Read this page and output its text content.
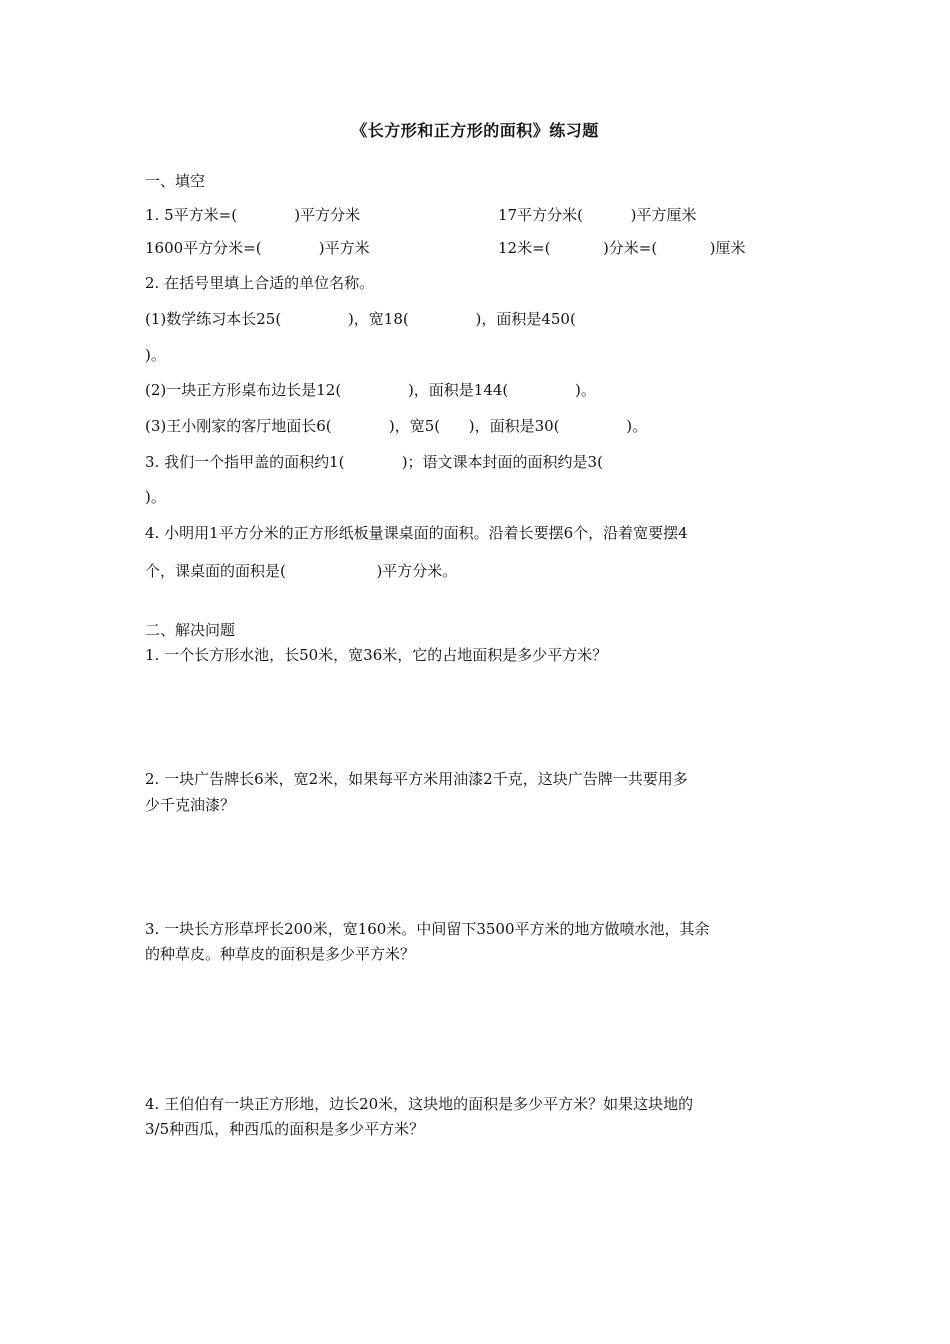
《长方形和正方形的面积》练习题
一、填空
1. 5平方米=(            )平方分米	17平方分米(          )平方厘米
1600平方分米=(            )平方米	12米=(           )分米=(           )厘米
2. 在括号里填上合适的单位名称。
(1)数学练习本长25(              )，宽18(              )，面积是450(
)。
(2)一块正方形桌布边长是12(              )，面积是144(              )。
(3)王小刚家的客厅地面长6(            )，宽5(      )，面积是30(              )。
3. 我们一个指甲盖的面积约1(            )；语文课本封面的面积约是3(
)。
4. 小明用1平方分米的正方形纸板量课桌面的面积。沿着长要摆6个，沿着宽要摆4
个，课桌面的面积是(                   )平方分米。
二、解决问题
1. 一个长方形水池，长50米，宽36米，它的占地面积是多少平方米？
2. 一块广告牌长6米，宽2米，如果每平方米用油漆2千克，这块广告牌一共要用多
少千克油漆？
3. 一块长方形草坪长200米，宽160米。中间留下3500平方米的地方做喷水池，其余
的种草皮。种草皮的面积是多少平方米？
4. 王伯伯有一块正方形地，边长20米，这块地的面积是多少平方米？如果这块地的
3/5种西瓜，种西瓜的面积是多少平方米？
